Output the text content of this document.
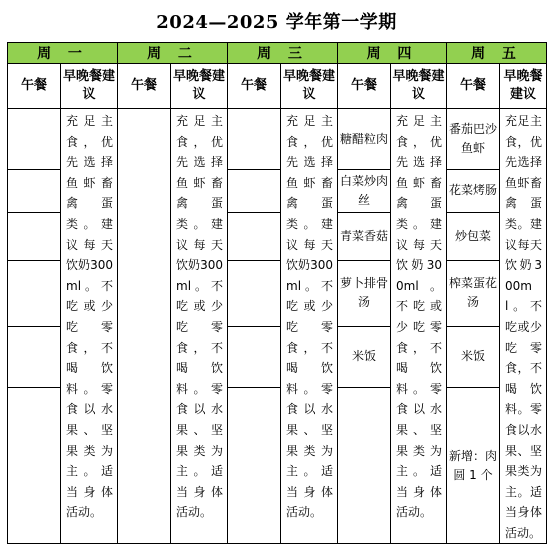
2024—2025 学年第一学期
周 一		周 二		周 三		周 四		周 五	
午餐	早晚餐建议	午餐	早晚餐建议	午餐	早晚餐建议	午餐	早晚餐建议	午餐	早晚餐建议
	充足主食，优先选择鱼虾畜禽蛋类。建议每天饮奶300ml。不吃或少吃零食，不喝饮料。零食以水果、坚果类为主。适当身体活动。		充足主食，优先选择鱼虾畜禽蛋类。建议每天饮奶300ml。不吃或少吃零食，不喝饮料。零食以水果、坚果类为主。适当身体活动。		充足主食，优先选择鱼虾畜禽蛋类。建议每天饮奶300ml。不吃或少吃零食，不喝饮料。零食以水果、坚果类为主。适当身体活动。	糖醋粒肉	充足主食，优先选择鱼虾畜禽蛋类。建议每天饮奶300ml。不吃或少吃零食，不喝饮料。零食以水果、坚果类为主。适当身体活动。	番茄巴沙鱼虾	充足主食，优先选择鱼虾畜禽蛋类。建议每天饮奶300ml。不吃或少吃零食，不喝饮料。零食以水果、坚果类为主。适当身体活动。
						白菜炒肉丝		花菜烤肠	
						青菜香菇		炒包菜	
						萝卜排骨汤		榨菜蛋花汤	
						米饭		米饭	
								新增：肉圆 1 个	
